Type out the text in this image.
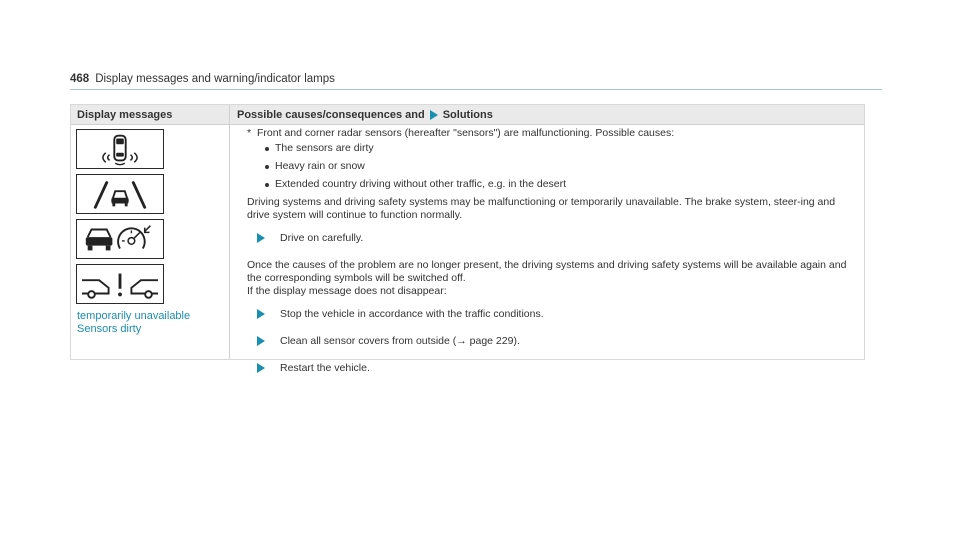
468 Display messages and warning/indicator lamps
Display messages	Possible causes/consequences and Solutions
temporarily unavailable
Sensors dirty

* Front and corner radar sensors (hereafter "sensors") are malfunctioning. Possible causes:

The sensors are dirty
Heavy rain or snow
Extended country driving without other traffic, e.g. in the desert

Driving systems and driving safety systems may be malfunctioning or temporarily unavailable. The brake system, steer-ing and drive system will continue to function normally.

Drive on carefully.

Once the causes of the problem are no longer present, the driving systems and driving safety systems will be available again and the corresponding symbols will be switched off.

If the display message does not disappear:

Stop the vehicle in accordance with the traffic conditions.
Clean all sensor covers from outside (→ page 229).
Restart the vehicle.
